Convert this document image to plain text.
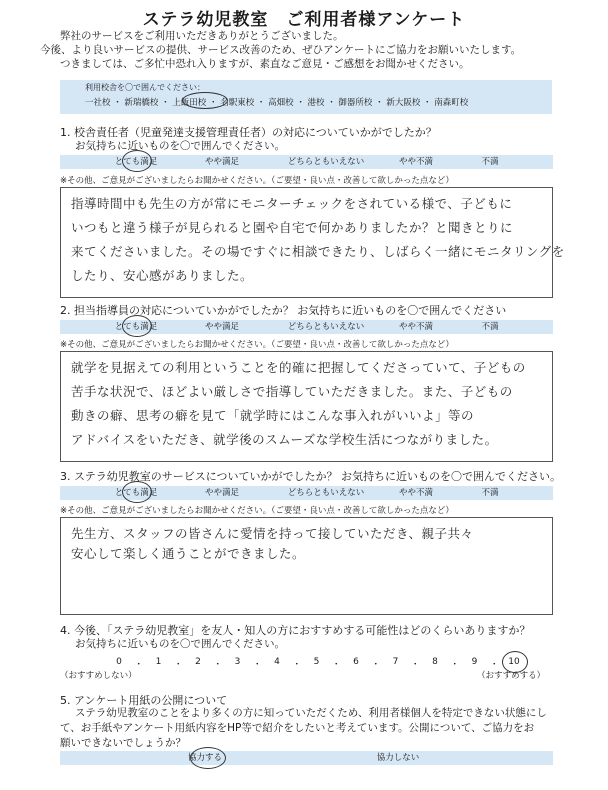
ステラ幼児教室　ご利用者様アンケート
弊社のサービスをご利用いただきありがとうございました。
今後、より良いサービスの提供、サービス改善のため、ぜひアンケートにご協力をお願いいたします。
つきましては、ご多忙中恐れ入りますが、素直なご意見・ご感想をお聞かせください。
利用校舎を〇で囲んでください：
一社校 ・ 新瑞橋校 ・ 上飯田校 ・ 名駅東校 ・ 高畑校 ・ 港校 ・ 御器所校 ・ 新大阪校 ・ 南森町校
1. 校舎責任者（児童発達支援管理責任者）の対応についていかがでしたか？
お気持ちに近いものを〇で囲んでください。
とても満足	やや満足	どちらともいえない	やや不満	不満
※その他、ご意見がございましたらお聞かせください。（ご要望・良い点・改善して欲しかった点など）
指導時間中も先生の方が常にモニターチェックをされている様で、子どもに
いつもと違う様子が見られると園や自宅で何かありましたか？と聞きとりに
来てくださいました。その場ですぐに相談できたり、しばらく一緒にモニタリングを
したり、安心感がありました。
2. 担当指導員の対応についていかがでしたか？ お気持ちに近いものを〇で囲んでください
とても満足	やや満足	どちらともいえない	やや不満	不満
※その他、ご意見がございましたらお聞かせください。（ご要望・良い点・改善して欲しかった点など）
就学を見据えての利用ということを的確に把握してくださっていて、子どもの
苦手な状況で、ほどよい厳しさで指導していただきました。また、子どもの
動きの癖、思考の癖を見て「就学時にはこんな事入れがいいよ」等の
アドバイスをいただき、就学後のスムーズな学校生活につながりました。
3. ステラ幼児教室のサービスについていかがでしたか？ お気持ちに近いものを〇で囲んでください。
とても満足	やや満足	どちらともいえない	やや不満	不満
※その他、ご意見がございましたらお聞かせください。（ご要望・良い点・改善して欲しかった点など）
先生方、スタッフの皆さんに愛情を持って接していただき、親子共々
安心して楽しく通うことができました。
4. 今後、「ステラ幼児教室」を友人・知人の方におすすめする可能性はどのくらいありますか？
お気持ちに近いものを〇で囲んでください。
0 ・ 1 ・ 2 ・ 3 ・ 4 ・ 5 ・ 6 ・ 7 ・ 8 ・ 9 ・ 10
（おすすめしない）	（おすすめする）
5. アンケート用紙の公開について
ステラ幼児教室のことをより多くの方に知っていただくため、利用者様個人を特定できない状態にし
て、お手紙やアンケート用紙内容をHP等で紹介をしたいと考えています。公開について、ご協力をお
願いできないでしょうか？
協力する	協力しない
